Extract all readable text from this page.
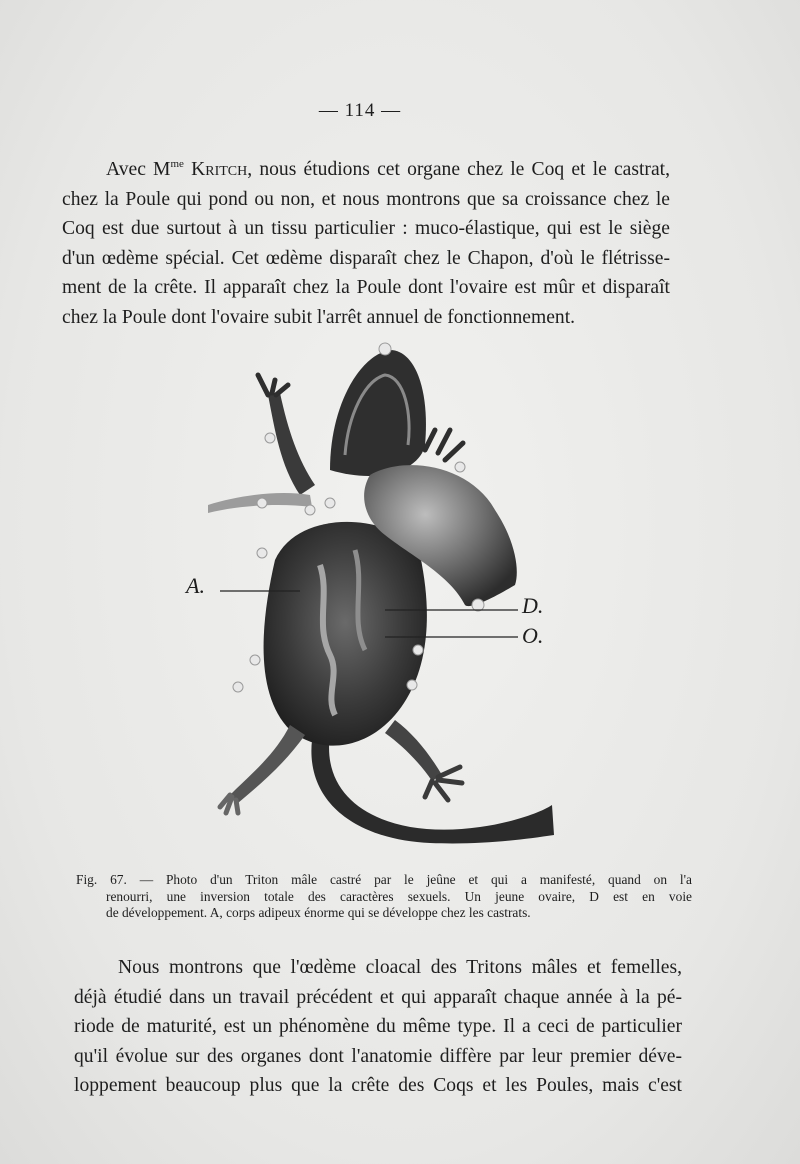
— 114 —
Avec $M^{me}$ Kritch, nous étudions cet organe chez le Coq et le castrat,
chez la Poule qui pond ou non, et nous montrons que sa croissance chez le
Coq est due surtout à un tissu particulier : muco-élastique, qui est le siège
d'un œdème spécial. Cet œdème disparaît chez le Chapon, d'où le flétrisse-
ment de la crête. Il apparaît chez la Poule dont l'ovaire est mûr et disparaît
chez la Poule dont l'ovaire subit l'arrêt annuel de fonctionnement.
A.
D.
O.
Fig. 67. — Photo d'un Triton mâle castré par le jeûne et qui a manifesté, quand on l'a
renourri, une inversion totale des caractères sexuels. Un jeune ovaire, D est en voie
de développement. A, corps adipeux énorme qui se développe chez les castrats.
Nous montrons que l'œdème cloacal des Tritons mâles et femelles,
déjà étudié dans un travail précédent et qui apparaît chaque année à la pé-
riode de maturité, est un phénomène du même type. Il a ceci de particulier
qu'il évolue sur des organes dont l'anatomie diffère par leur premier déve-
loppement beaucoup plus que la crête des Coqs et les Poules, mais c'est
